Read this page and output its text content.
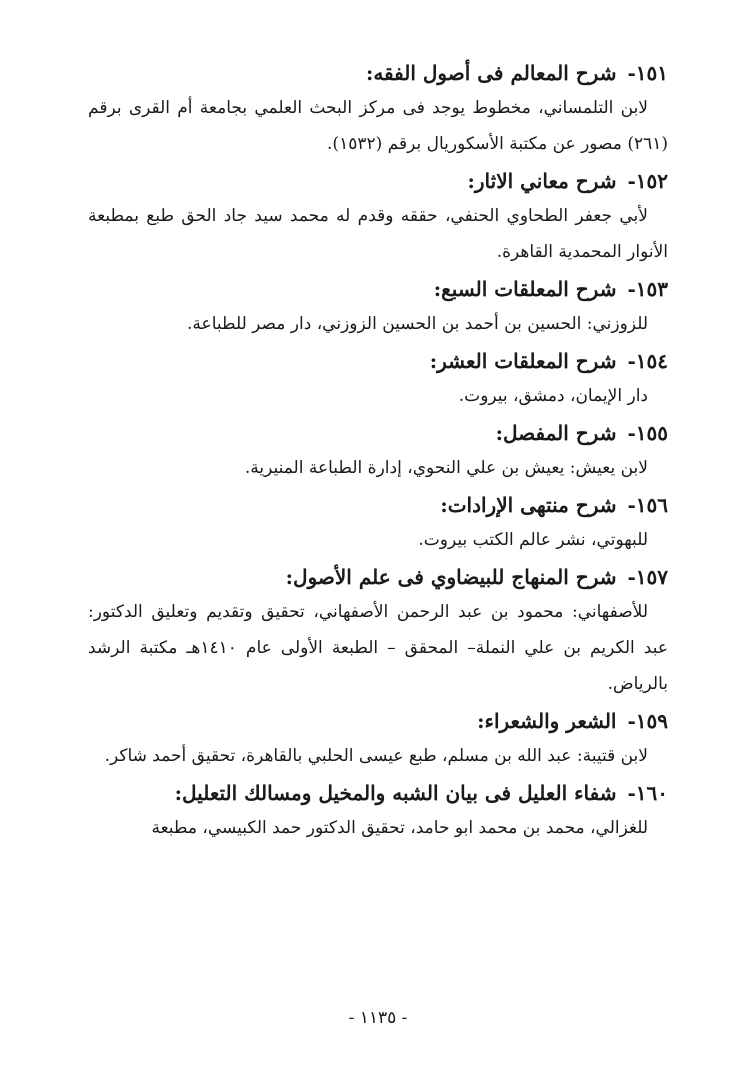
١٥١- شرح المعالم فى أصول الفقه:

لابن التلمساني، مخطوط يوجد فى مركز البحث العلمي بجامعة أم القرى برقم (٢٦١) مصور عن مكتبة الأسكوريال برقم (١٥٣٢).

١٥٢- شرح معاني الاثار:

لأبي جعفر الطحاوي الحنفي، حققه وقدم له محمد سيد جاد الحق طبع بمطبعة الأنوار المحمدية القاهرة.

١٥٣- شرح المعلقات السبع:

للزوزني: الحسين بن أحمد بن الحسين الزوزني، دار مصر للطباعة.

١٥٤- شرح المعلقات العشر:

دار الإيمان، دمشق، بيروت.

١٥٥- شرح المفصل:

لابن يعيش: يعيش بن علي النحوي، إدارة الطباعة المنيرية.

١٥٦- شرح منتهى الإرادات:

للبهوتي، نشر عالم الكتب بيروت.

١٥٧- شرح المنهاج للبيضاوي فى علم الأصول:

للأصفهاني: محمود بن عبد الرحمن الأصفهاني، تحقيق وتقديم وتعليق الدكتور: عبد الكريم بن علي النملة– المحقق – الطبعة الأولى عام ١٤١٠هـ مكتبة الرشد بالرياض.

١٥٩- الشعر والشعراء:

لابن قتيبة: عبد الله بن مسلم، طبع عيسى الحلبي بالقاهرة، تحقيق أحمد شاكر.

١٦٠- شفاء العليل فى بيان الشبه والمخيل ومسالك التعليل:

للغزالي، محمد بن محمد ابو حامد، تحقيق الدكتور حمد الكبيسي، مطبعة

- ١١٣٥ -
